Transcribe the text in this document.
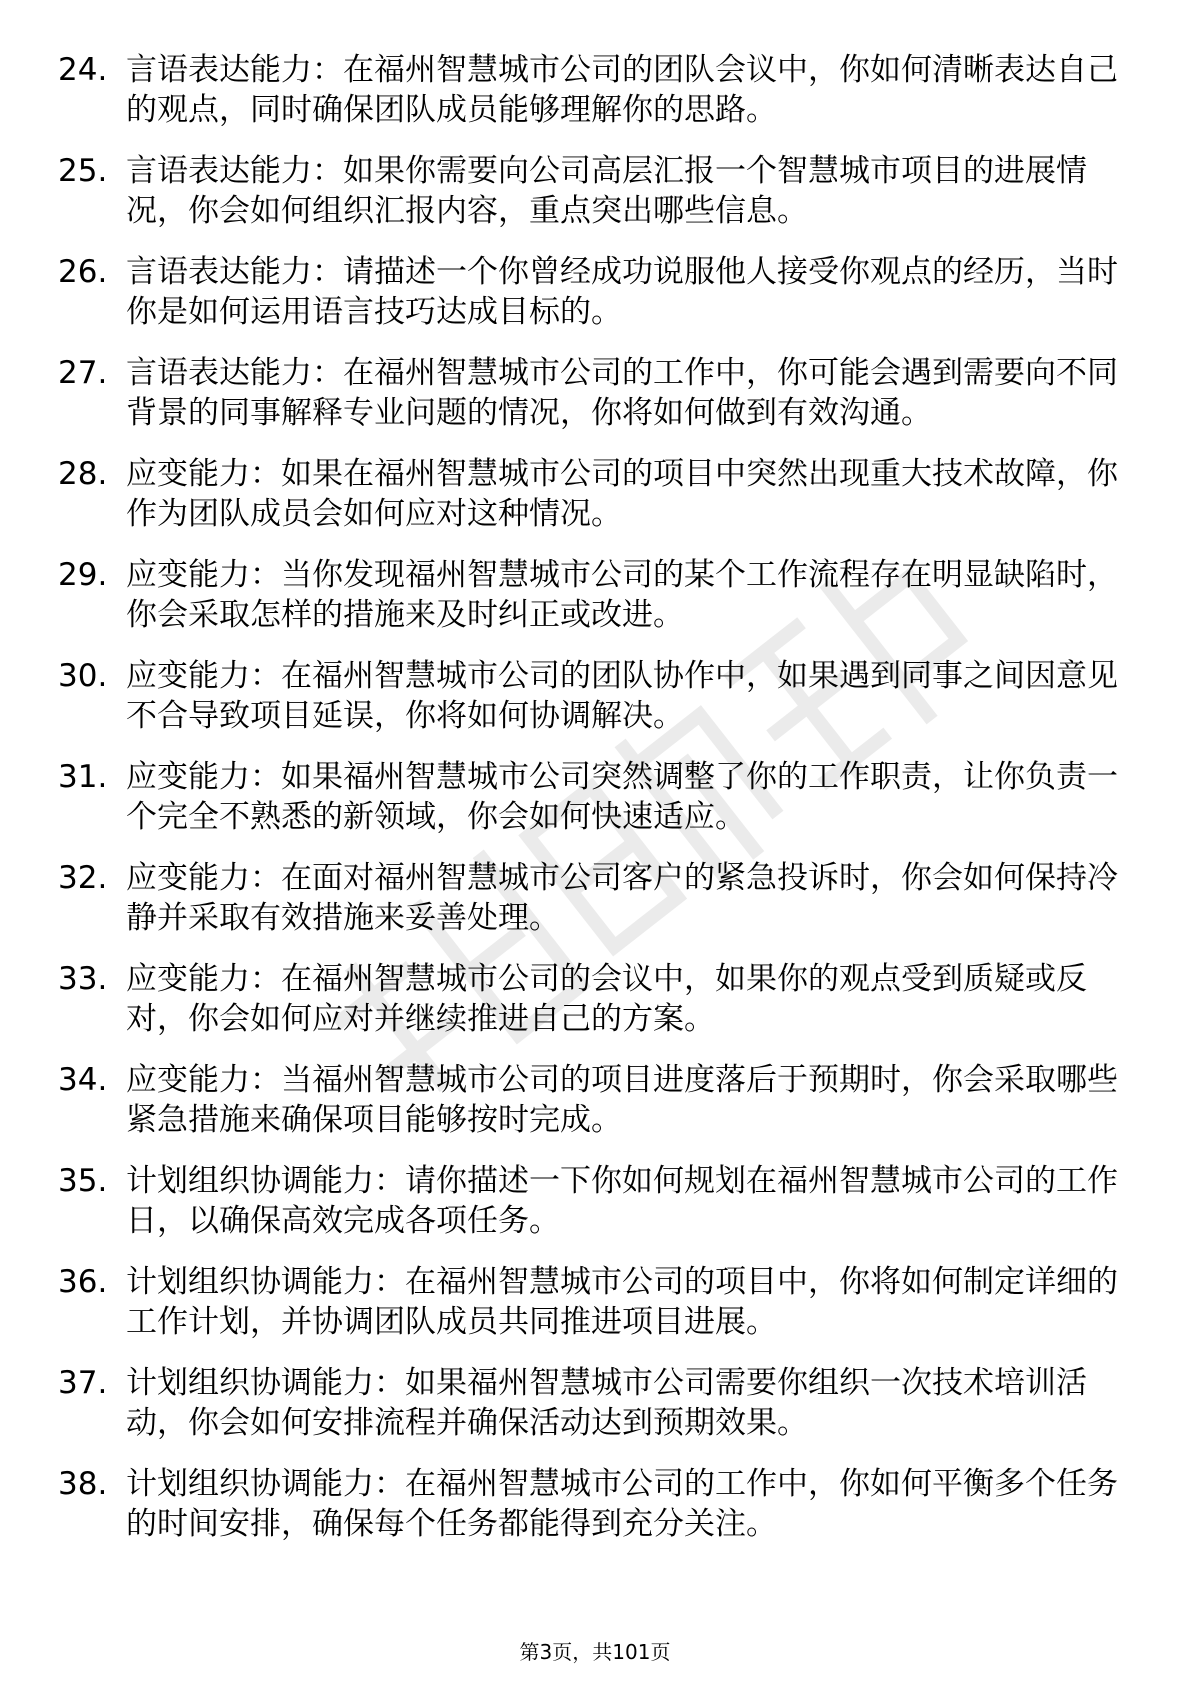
24. 言语表达能力：在福州智慧城市公司的团队会议中，你如何清晰表达自己的观点，同时确保团队成员能够理解你的思路。
25. 言语表达能力：如果你需要向公司高层汇报一个智慧城市项目的进展情况，你会如何组织汇报内容，重点突出哪些信息。
26. 言语表达能力：请描述一个你曾经成功说服他人接受你观点的经历，当时你是如何运用语言技巧达成目标的。
27. 言语表达能力：在福州智慧城市公司的工作中，你可能会遇到需要向不同背景的同事解释专业问题的情况，你将如何做到有效沟通。
28. 应变能力：如果在福州智慧城市公司的项目中突然出现重大技术故障，你作为团队成员会如何应对这种情况。
29. 应变能力：当你发现福州智慧城市公司的某个工作流程存在明显缺陷时，你会采取怎样的措施来及时纠正或改进。
30. 应变能力：在福州智慧城市公司的团队协作中，如果遇到同事之间因意见不合导致项目延误，你将如何协调解决。
31. 应变能力：如果福州智慧城市公司突然调整了你的工作职责，让你负责一个完全不熟悉的新领域，你会如何快速适应。
32. 应变能力：在面对福州智慧城市公司客户的紧急投诉时，你会如何保持冷静并采取有效措施来妥善处理。
33. 应变能力：在福州智慧城市公司的会议中，如果你的观点受到质疑或反对，你会如何应对并继续推进自己的方案。
34. 应变能力：当福州智慧城市公司的项目进度落后于预期时，你会采取哪些紧急措施来确保项目能够按时完成。
35. 计划组织协调能力：请你描述一下你如何规划在福州智慧城市公司的工作日，以确保高效完成各项任务。
36. 计划组织协调能力：在福州智慧城市公司的项目中，你将如何制定详细的工作计划，并协调团队成员共同推进项目进展。
37. 计划组织协调能力：如果福州智慧城市公司需要你组织一次技术培训活动，你会如何安排流程并确保活动达到预期效果。
38. 计划组织协调能力：在福州智慧城市公司的工作中，你如何平衡多个任务的时间安排，确保每个任务都能得到充分关注。
第3页，共101页
